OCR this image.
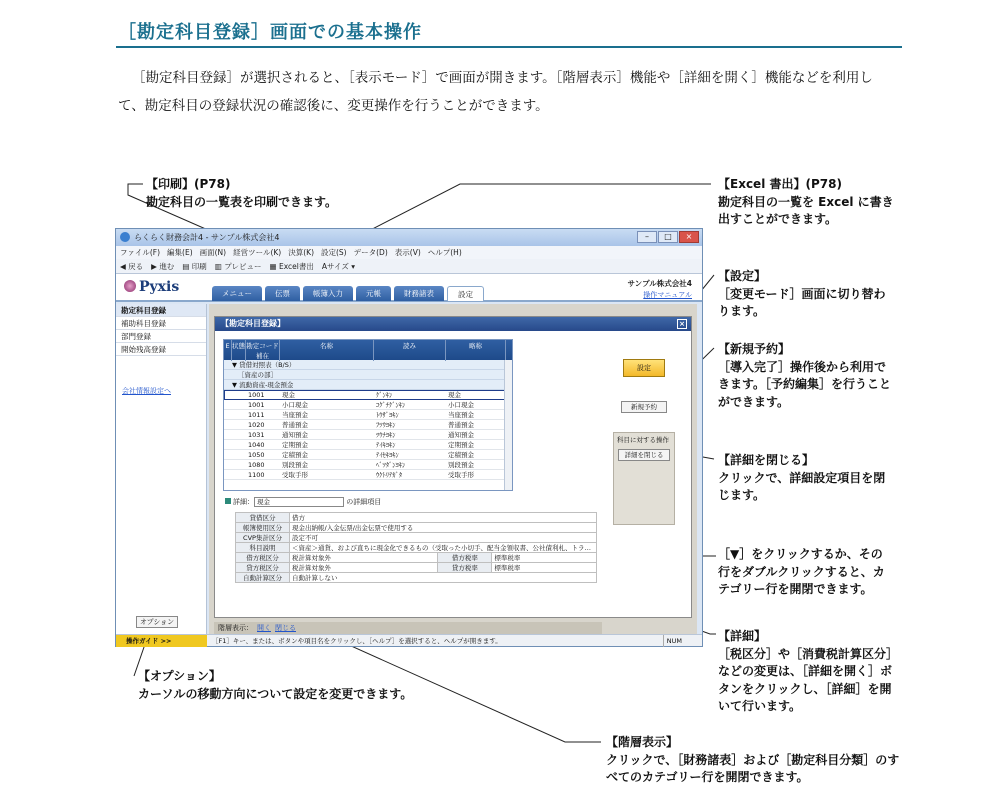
［勘定科目登録］画面での基本操作

［勘定科目登録］が選択されると、［表示モード］で画面が開きます。［階層表示］機能や［詳細を開く］機能などを利用して、勘定科目の登録状況の確認後に、変更操作を行うことができます。

【印刷】(P78)
勘定科目の一覧表を印刷できます。
【Excel 書出】(P78)
勘定科目の一覧を Excel に書き出すことができます。
【設定】
［変更モード］画面に切り替わります。
【新規予約】
［導入完了］操作後から利用できます。［予約編集］を行うことができます。
【詳細を閉じる】
クリックで、詳細設定項目を閉じます。
［▼］をクリックするか、その行をダブルクリックすると、カテゴリー行を開閉できます。
【詳細】
［税区分］や［消費税計算区分］などの変更は、［詳細を開く］ボタンをクリックし、［詳細］を開いて行います。
【オプション】
カーソルの移動方向について設定を変更できます。
【階層表示】
クリックで、［財務諸表］および［勘定科目分類］のすべてのカテゴリー行を開閉できます。
らくらく財務会計4 - サンプル株式会社4	–	□	×
ファイル(F) 編集(E) 画面(N) 経営ツール(K) 決算(K) 設定(S) データ(D) 表示(V) ヘルプ(H)
◀ 戻る ▶ 進む ▤ 印刷 ▥ プレビュー ▦ Excel書出 Aサイズ ▾
Pyxis	メニュー	伝票	帳簿入力	元帳	財務諸表	設定
サンプル株式会社4
操作マニュアル
勘定科目登録
補助科目登録
部門登録
開始残高登録
会社情報設定へ
オプション
【勘定科目登録】	×
E 状態 勘定コード 補在
名称	読み	略称
▼ 貸借対照表（B/S）
［資産の部］
▼ 流動資産-現金預金
1001	現金	ｹﾞﾝｷﾝ	現金
1001	小口現金	ｺｸﾞﾁｹﾞﾝｷﾝ	小口現金
1011	当座預金	ﾄｳｻﾞﾖｷﾝ	当座預金
1020	普通預金	ﾌﾂｳﾖｷﾝ	普通預金
1031	通知預金	ﾂｳﾁﾖｷﾝ	通知預金
1040	定期預金	ﾃｲｷﾖｷﾝ	定期預金
1050	定積預金	ﾃｲｾｷﾖｷﾝ	定積預金
1080	別段預金	ﾍﾞﾂﾀﾞﾝﾖｷﾝ	別段預金
1100	受取手形	ｳｹﾄﾘﾃｶﾞﾀ	受取手形
設定
新規予約
科目に対する操作
詳細を閉じる
詳細： 現金	の詳細項目
貸借区分	借方		
帳簿使用区分	現金出納帳/入金伝票/出金伝票で使用する		
CVP集計区分	設定不可		
科目説明	＜資産＞通貨、および直ちに現金化できるもの（受取った小切手、配当金領収書、公社債利札、トラ…		
借方税区分	税計算対象外	借方税率	標準税率
貸方税区分	税計算対象外	貸方税率	標準税率
自動計算区分	自動計算しない		
階層表示： 開く 閉じる
操作ガイド >>	［F1］キー、または、ボタンや項目名をクリックし、［ヘルプ］を選択すると、ヘルプが開きます。	NUM
